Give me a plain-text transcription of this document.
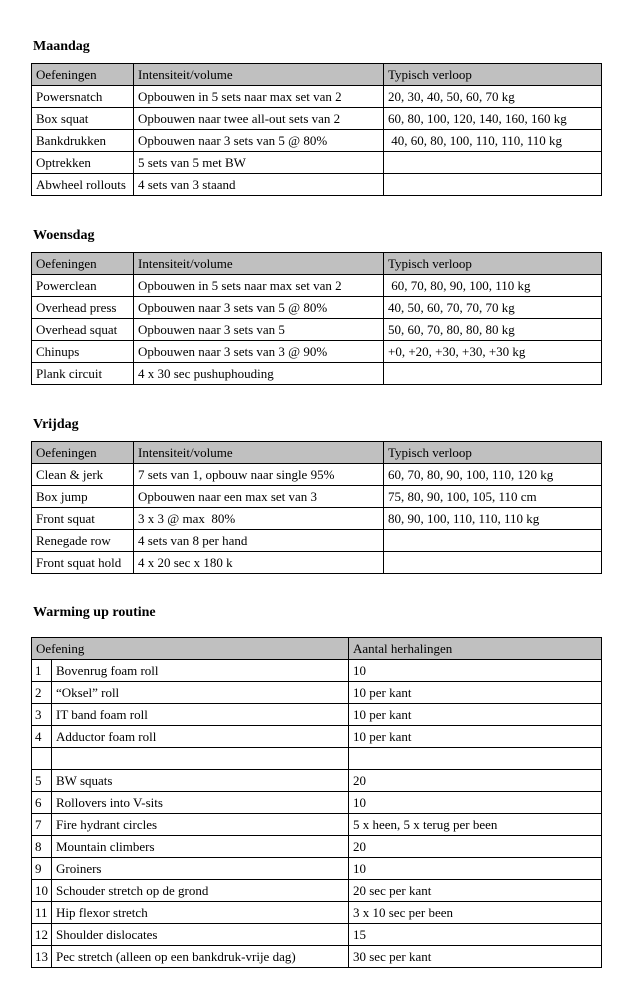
Maandag
Oefeningen	Intensiteit/volume	Typisch verloop
Powersnatch	Opbouwen in 5 sets naar max set van 2	20, 30, 40, 50, 60, 70 kg
Box squat	Opbouwen naar twee all-out sets van 2	60, 80, 100, 120, 140, 160, 160 kg
Bankdrukken	Opbouwen naar 3 sets van 5 @ 80%	40, 60, 80, 100, 110, 110, 110 kg
Optrekken	5 sets van 5 met BW	
Abwheel rollouts	4 sets van 3 staand	
Woensdag
Oefeningen	Intensiteit/volume	Typisch verloop
Powerclean	Opbouwen in 5 sets naar max set van 2	60, 70, 80, 90, 100, 110 kg
Overhead press	Opbouwen naar 3 sets van 5 @ 80%	40, 50, 60, 70, 70, 70 kg
Overhead squat	Opbouwen naar 3 sets van 5	50, 60, 70, 80, 80, 80 kg
Chinups	Opbouwen naar 3 sets van 3 @ 90%	+0, +20, +30, +30, +30 kg
Plank circuit	4 x 30 sec pushuphouding	
Vrijdag
Oefeningen	Intensiteit/volume	Typisch verloop
Clean & jerk	7 sets van 1, opbouw naar single 95%	60, 70, 80, 90, 100, 110, 120 kg
Box jump	Opbouwen naar een max set van 3	75, 80, 90, 100, 105, 110 cm
Front squat	3 x 3 @ max  80%	80, 90, 100, 110, 110, 110 kg
Renegade row	4 sets van 8 per hand	
Front squat hold	4 x 20 sec x 180 k	
Warming up routine
Oefening		Aantal herhalingen
1	Bovenrug foam roll	10
2	“Oksel” roll	10 per kant
3	IT band foam roll	10 per kant
4	Adductor foam roll	10 per kant

5	BW squats	20
6	Rollovers into V-sits	10
7	Fire hydrant circles	5 x heen, 5 x terug per been
8	Mountain climbers	20
9	Groiners	10
10	Schouder stretch op de grond	20 sec per kant
11	Hip flexor stretch	3 x 10 sec per been
12	Shoulder dislocates	15
13	Pec stretch (alleen op een bankdruk-vrije dag)	30 sec per kant
